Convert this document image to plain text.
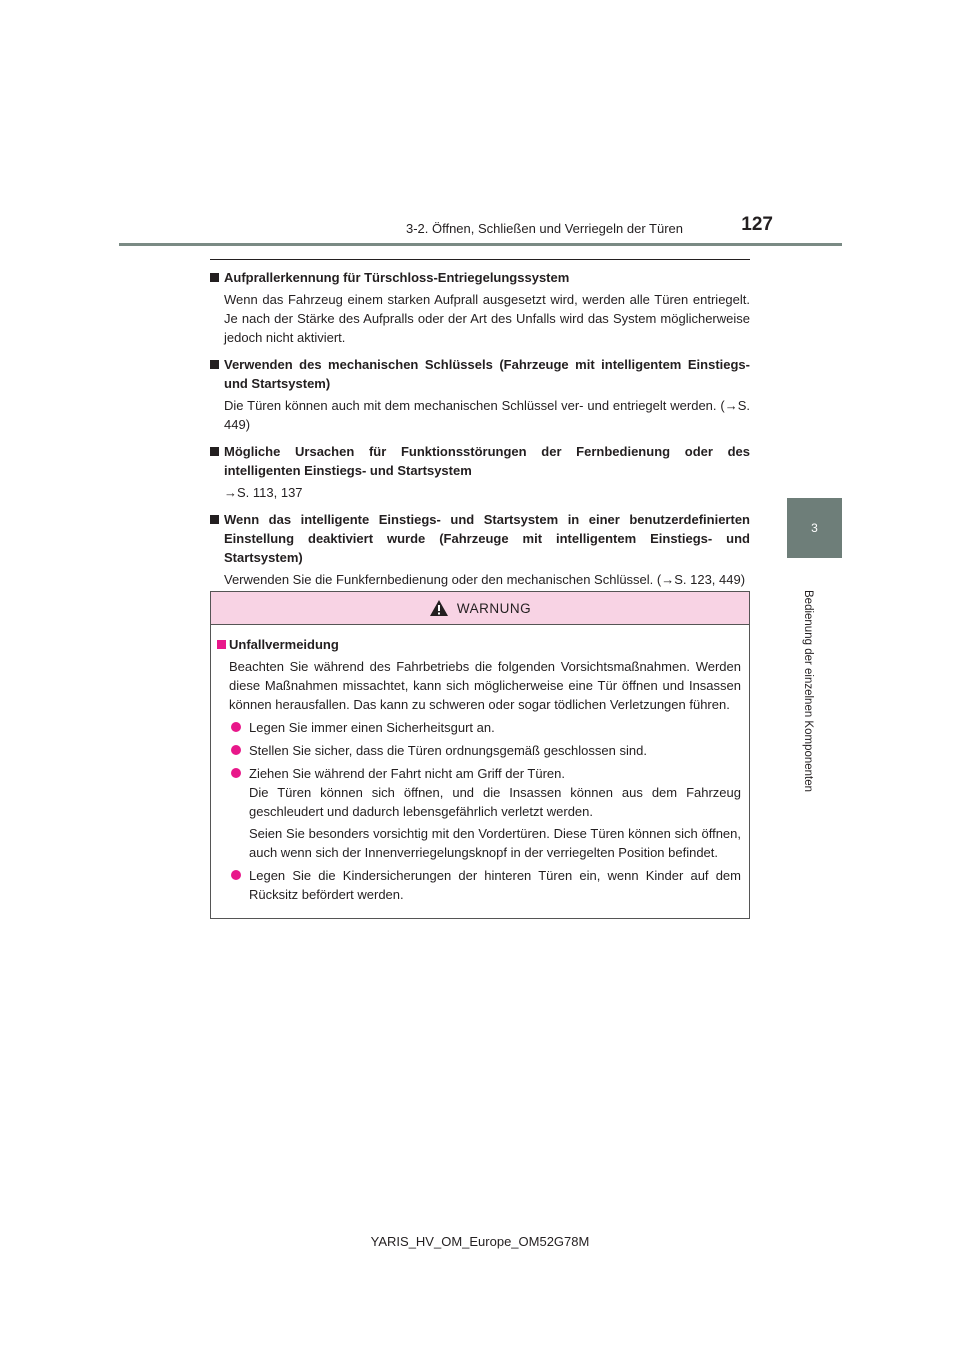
3-2. Öffnen, Schließen und Verriegeln der Türen	127
3
Bedienung der einzelnen Komponenten
Aufprallerkennung für Türschloss-Entriegelungssystem
Wenn das Fahrzeug einem starken Aufprall ausgesetzt wird, werden alle Türen entriegelt. Je nach der Stärke des Aufpralls oder der Art des Unfalls wird das System möglicherweise jedoch nicht aktiviert.
Verwenden des mechanischen Schlüssels (Fahrzeuge mit intelligentem Einstiegs- und Startsystem)
Die Türen können auch mit dem mechanischen Schlüssel ver- und entriegelt werden. (→S. 449)
Mögliche Ursachen für Funktionsstörungen der Fernbedienung oder des intelligenten Einstiegs- und Startsystem
→S. 113, 137
Wenn das intelligente Einstiegs- und Startsystem in einer benutzerdefinierten Einstellung deaktiviert wurde (Fahrzeuge mit intelligentem Einstiegs- und Startsystem)
Verwenden Sie die Funkfernbedienung oder den mechanischen Schlüssel. (→S. 123, 449)
WARNUNG
Unfallvermeidung
Beachten Sie während des Fahrbetriebs die folgenden Vorsichtsmaßnahmen. Werden diese Maßnahmen missachtet, kann sich möglicherweise eine Tür öffnen und Insassen können herausfallen. Das kann zu schweren oder sogar tödlichen Verletzungen führen.
Legen Sie immer einen Sicherheitsgurt an.
Stellen Sie sicher, dass die Türen ordnungsgemäß geschlossen sind.
Ziehen Sie während der Fahrt nicht am Griff der Türen.
Die Türen können sich öffnen, und die Insassen können aus dem Fahrzeug geschleudert und dadurch lebensgefährlich verletzt werden.
Seien Sie besonders vorsichtig mit den Vordertüren. Diese Türen können sich öffnen, auch wenn sich der Innenverriegelungsknopf in der verriegelten Position befindet.
Legen Sie die Kindersicherungen der hinteren Türen ein, wenn Kinder auf dem Rücksitz befördert werden.
YARIS_HV_OM_Europe_OM52G78M
